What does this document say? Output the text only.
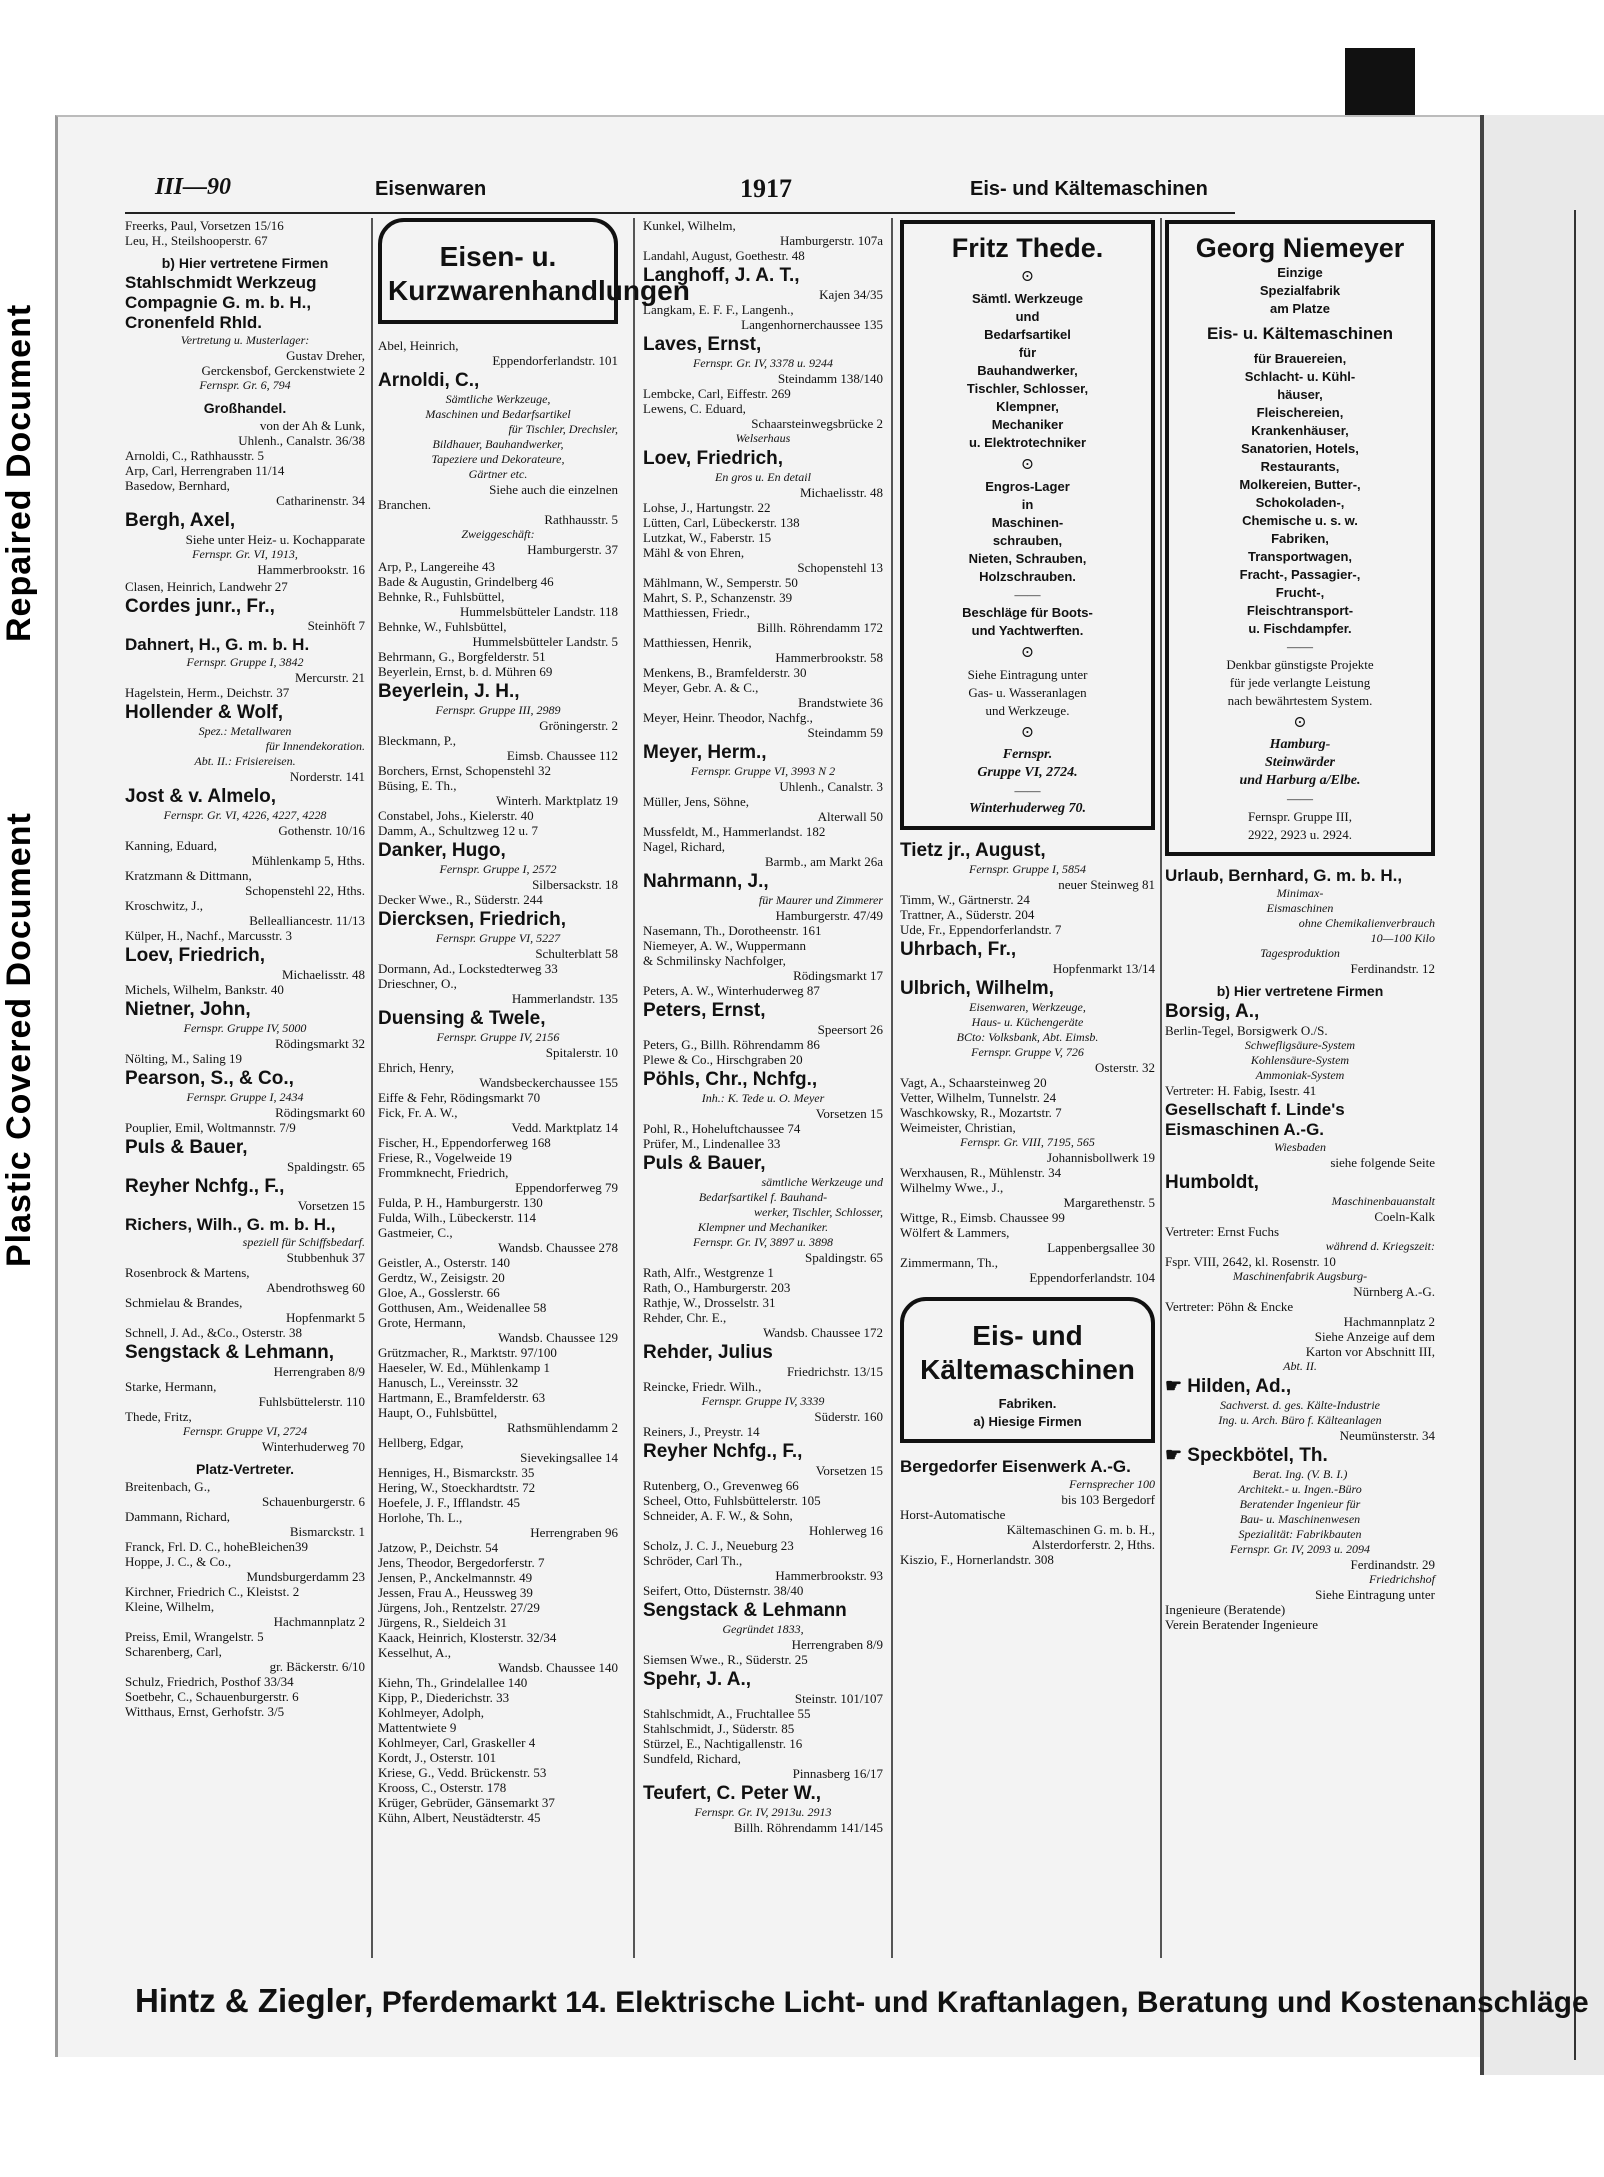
Repaired Document
Plastic Covered Document
III—90	Eisenwaren	1917	Eis- und Kältemaschinen
Freerks, Paul, Vorsetzen 15/16
Leu, H., Steilshooperstr. 67
b) Hier vertretene Firmen
Stahlschmidt Werkzeug Compagnie G. m. b. H., Cronenfeld Rhld.
Vertretung u. Musterlager:
Gustav Dreher,
Gerckensbof, Gerckenstwiete 2
Fernspr. Gr. 6, 794
Großhandel.
von der Ah & Lunk,
Uhlenh., Canalstr. 36/38
Arnoldi, C., Rathhausstr. 5
Arp, Carl, Herrengraben 11/14
Basedow, Bernhard,
Catharinenstr. 34
Bergh, Axel,
Siehe unter Heiz- u. Kochapparate
Fernspr. Gr. VI, 1913,
Hammerbrookstr. 16
Clasen, Heinrich, Landwehr 27
Cordes junr., Fr.,
Steinhöft 7
Dahnert, H., G. m. b. H.
Fernspr. Gruppe I, 3842
Mercurstr. 21
Hagelstein, Herm., Deichstr. 37
Hollender & Wolf,
Spez.: Metallwaren
für Innendekoration.
Abt. II.: Frisiereisen.
Norderstr. 141
Jost & v. Almelo,
Fernspr. Gr. VI, 4226, 4227, 4228
Gothenstr. 10/16
Kanning, Eduard,
Mühlenkamp 5, Hths.
Kratzmann & Dittmann,
Schopenstehl 22, Hths.
Kroschwitz, J.,
Bellealliancestr. 11/13
Külper, H., Nachf., Marcusstr. 3
Loev, Friedrich,
Michaelisstr. 48
Michels, Wilhelm, Bankstr. 40
Nietner, John,
Fernspr. Gruppe IV, 5000
Rödingsmarkt 32
Nölting, M., Saling 19
Pearson, S., & Co.,
Fernspr. Gruppe I, 2434
Rödingsmarkt 60
Pouplier, Emil, Woltmannstr. 7/9
Puls & Bauer,
Spaldingstr. 65
Reyher Nchfg., F.,
Vorsetzen 15
Richers, Wilh., G. m. b. H.,
speziell für Schiffsbedarf.
Stubbenhuk 37
Rosenbrock & Martens,
Abendrothsweg 60
Schmielau & Brandes,
Hopfenmarkt 5
Schnell, J. Ad., &Co., Osterstr. 38
Sengstack & Lehmann,
Herrengraben 8/9
Starke, Hermann,
Fuhlsbüttelerstr. 110
Thede, Fritz,
Fernspr. Gruppe VI, 2724
Winterhuderweg 70
Platz-Vertreter.
Breitenbach, G.,
Schauenburgerstr. 6
Dammann, Richard,
Bismarckstr. 1
Franck, Frl. D. C., hoheBleichen39
Hoppe, J. C., & Co.,
Mundsburgerdamm 23
Kirchner, Friedrich C., Kleistst. 2
Kleine, Wilhelm,
Hachmannplatz 2
Preiss, Emil, Wrangelstr. 5
Scharenberg, Carl,
gr. Bäckerstr. 6/10
Schulz, Friedrich, Posthof 33/34
Soetbehr, C., Schauenburgerstr. 6
Witthaus, Ernst, Gerhofstr. 3/5
Eisen- u. Kurzwarenhandlungen
Abel, Heinrich,
Eppendorferlandstr. 101
Arnoldi, C.,
Sämtliche Werkzeuge,
Maschinen und Bedarfsartikel
für Tischler, Drechsler,
Bildhauer, Bauhandwerker,
Tapeziere und Dekorateure,
Gärtner etc.
Siehe auch die einzelnen
Branchen.
Rathhausstr. 5
Zweiggeschäft:
Hamburgerstr. 37
Arp, P., Langereihe 43
Bade & Augustin, Grindelberg 46
Behnke, R., Fuhlsbüttel,
Hummelsbütteler Landstr. 118
Behnke, W., Fuhlsbüttel,
Hummelsbütteler Landstr. 5
Behrmann, G., Borgfelderstr. 51
Beyerlein, Ernst, b. d. Mühren 69
Beyerlein, J. H.,
Fernspr. Gruppe III, 2989
Gröningerstr. 2
Bleckmann, P.,
Eimsb. Chaussee 112
Borchers, Ernst, Schopenstehl 32
Büsing, E. Th.,
Winterh. Marktplatz 19
Constabel, Johs., Kielerstr. 40
Damm, A., Schultzweg 12 u. 7
Danker, Hugo,
Fernspr. Gruppe I, 2572
Silbersackstr. 18
Decker Wwe., R., Süderstr. 244
Diercksen, Friedrich,
Fernspr. Gruppe VI, 5227
Schulterblatt 58
Dormann, Ad., Lockstedterweg 33
Drieschner, O.,
Hammerlandstr. 135
Duensing & Twele,
Fernspr. Gruppe IV, 2156
Spitalerstr. 10
Ehrich, Henry,
Wandsbeckerchaussee 155
Eiffe & Fehr, Rödingsmarkt 70
Fick, Fr. A. W.,
Vedd. Marktplatz 14
Fischer, H., Eppendorferweg 168
Friese, R., Vogelweide 19
Frommknecht, Friedrich,
Eppendorferweg 79
Fulda, P. H., Hamburgerstr. 130
Fulda, Wilh., Lübeckerstr. 114
Gastmeier, C.,
Wandsb. Chaussee 278
Geistler, A., Osterstr. 140
Gerdtz, W., Zeisigstr. 20
Gloe, A., Gosslerstr. 66
Gotthusen, Am., Weidenallee 58
Grote, Hermann,
Wandsb. Chaussee 129
Grützmacher, R., Marktstr. 97/100
Haeseler, W. Ed., Mühlenkamp 1
Hanusch, L., Vereinsstr. 32
Hartmann, E., Bramfelderstr. 63
Haupt, O., Fuhlsbüttel,
Rathsmühlendamm 2
Hellberg, Edgar,
Sievekingsallee 14
Henniges, H., Bismarckstr. 35
Hering, W., Stoeckhardtstr. 72
Hoefele, J. F., Ifflandstr. 45
Horlohe, Th. L.,
Herrengraben 96
Jatzow, P., Deichstr. 54
Jens, Theodor, Bergedorferstr. 7
Jensen, P., Anckelmannstr. 49
Jessen, Frau A., Heussweg 39
Jürgens, Joh., Rentzelstr. 27/29
Jürgens, R., Sieldeich 31
Kaack, Heinrich, Klosterstr. 32/34
Kesselhut, A.,
Wandsb. Chaussee 140
Kiehn, Th., Grindelallee 140
Kipp, P., Diederichstr. 33
Kohlmeyer, Adolph,
Mattentwiete 9
Kohlmeyer, Carl, Graskeller 4
Kordt, J., Osterstr. 101
Kriese, G., Vedd. Brückenstr. 53
Krooss, C., Osterstr. 178
Krüger, Gebrüder, Gänsemarkt 37
Kühn, Albert, Neustädterstr. 45
Kunkel, Wilhelm,
Hamburgerstr. 107a
Landahl, August, Goethestr. 48
Langhoff, J. A. T.,
Kajen 34/35
Langkam, E. F. F., Langenh.,
Langenhornerchaussee 135
Laves, Ernst,
Fernspr. Gr. IV, 3378 u. 9244
Steindamm 138/140
Lembcke, Carl, Eiffestr. 269
Lewens, C. Eduard,
Schaarsteinwegsbrücke 2
Welserhaus
Loev, Friedrich,
En gros u. En detail
Michaelisstr. 48
Lohse, J., Hartungstr. 22
Lütten, Carl, Lübeckerstr. 138
Lutzkat, W., Faberstr. 15
Mähl & von Ehren,
Schopenstehl 13
Mählmann, W., Semperstr. 50
Mahrt, S. P., Schanzenstr. 39
Matthiessen, Friedr.,
Billh. Röhrendamm 172
Matthiessen, Henrik,
Hammerbrookstr. 58
Menkens, B., Bramfelderstr. 30
Meyer, Gebr. A. & C.,
Brandstwiete 36
Meyer, Heinr. Theodor, Nachfg.,
Steindamm 59
Meyer, Herm.,
Fernspr. Gruppe VI, 3993 N 2
Uhlenh., Canalstr. 3
Müller, Jens, Söhne,
Alterwall 50
Mussfeldt, M., Hammerlandst. 182
Nagel, Richard,
Barmb., am Markt 26a
Nahrmann, J.,
für Maurer und Zimmerer
Hamburgerstr. 47/49
Nasemann, Th., Dorotheenstr. 161
Niemeyer, A. W., Wuppermann
& Schmilinsky Nachfolger,
Rödingsmarkt 17
Peters, A. W., Winterhuderweg 87
Peters, Ernst,
Speersort 26
Peters, G., Billh. Röhrendamm 86
Plewe & Co., Hirschgraben 20
Pöhls, Chr., Nchfg.,
Inh.: K. Tede u. O. Meyer
Vorsetzen 15
Pohl, R., Hoheluftchaussee 74
Prüfer, M., Lindenallee 33
Puls & Bauer,
sämtliche Werkzeuge und
Bedarfsartikel f. Bauhand-
werker, Tischler, Schlosser,
Klempner und Mechaniker.
Fernspr. Gr. IV, 3897 u. 3898
Spaldingstr. 65
Rath, Alfr., Westgrenze 1
Rath, O., Hamburgerstr. 203
Rathje, W., Drosselstr. 31
Rehder, Chr. E.,
Wandsb. Chaussee 172
Rehder, Julius
Friedrichstr. 13/15
Reincke, Friedr. Wilh.,
Fernspr. Gruppe IV, 3339
Süderstr. 160
Reiners, J., Preystr. 14
Reyher Nchfg., F.,
Vorsetzen 15
Rutenberg, O., Grevenweg 66
Scheel, Otto, Fuhlsbüttelerstr. 105
Schneider, A. F. W., & Sohn,
Hohlerweg 16
Scholz, J. C. J., Neueburg 23
Schröder, Carl Th.,
Hammerbrookstr. 93
Seifert, Otto, Düsternstr. 38/40
Sengstack & Lehmann
Gegründet 1833,
Herrengraben 8/9
Siemsen Wwe., R., Süderstr. 25
Spehr, J. A.,
Steinstr. 101/107
Stahlschmidt, A., Fruchtallee 55
Stahlschmidt, J., Süderstr. 85
Stürzel, E., Nachtigallenstr. 16
Sundfeld, Richard,
Pinnasberg 16/17
Teufert, C. Peter W.,
Fernspr. Gr. IV, 2913u. 2913
Billh. Röhrendamm 141/145
Fritz Thede.
⊙
Sämtl. Werkzeuge
und
Bedarfsartikel
für
Bauhandwerker,
Tischler, Schlosser,
Klempner,
Mechaniker
u. Elektrotechniker
⊙
Engros-Lager
in
Maschinen-
schrauben,
Nieten, Schrauben,
Holzschrauben.
——
Beschläge für Boots-
und Yachtwerften.
⊙
Siehe Eintragung unter
Gas- u. Wasseranlagen
und Werkzeuge.
⊙
Fernspr.
Gruppe VI, 2724.
——
Winterhuderweg 70.
Tietz jr., August,
Fernspr. Gruppe I, 5854
neuer Steinweg 81
Timm, W., Gärtnerstr. 24
Trattner, A., Süderstr. 204
Ude, Fr., Eppendorferlandstr. 7
Uhrbach, Fr.,
Hopfenmarkt 13/14
Ulbrich, Wilhelm,
Eisenwaren, Werkzeuge,
Haus- u. Küchengeräte
BCto: Volksbank, Abt. Eimsb.
Fernspr. Gruppe V, 726
Osterstr. 32
Vagt, A., Schaarsteinweg 20
Vetter, Wilhelm, Tunnelstr. 24
Waschkowsky, R., Mozartstr. 7
Weimeister, Christian,
Fernspr. Gr. VIII, 7195, 565
Johannisbollwerk 19
Werxhausen, R., Mühlenstr. 34
Wilhelmy Wwe., J.,
Margarethenstr. 5
Wittge, R., Eimsb. Chaussee 99
Wölfert & Lammers,
Lappenbergsallee 30
Zimmermann, Th.,
Eppendorferlandstr. 104
Eis- und Kältemaschinen
Fabriken.
a) Hiesige Firmen
Bergedorfer Eisenwerk A.-G.
Fernsprecher 100
bis 103 Bergedorf
Horst-Automatische
Kältemaschinen G. m. b. H.,
Alsterdorferstr. 2, Hths.
Kiszio, F., Hornerlandstr. 308
Georg Niemeyer
Einzige
Spezialfabrik
am Platze
Eis- u. Kältemaschinen
für Brauereien,
Schlacht- u. Kühl-
häuser,
Fleischereien,
Krankenhäuser,
Sanatorien, Hotels,
Restaurants,
Molkereien, Butter-,
Schokoladen-,
Chemische u. s. w.
Fabriken,
Transportwagen,
Fracht-, Passagier-,
Frucht-,
Fleischtransport-
u. Fischdampfer.
——
Denkbar günstigste Projekte
für jede verlangte Leistung
nach bewährtestem System.
⊙
Hamburg-
Steinwärder
und Harburg a/Elbe.
——
Fernspr. Gruppe III,
2922, 2923 u. 2924.
Urlaub, Bernhard, G. m. b. H.,
Minimax-
Eismaschinen
ohne Chemikalienverbrauch
10—100 Kilo
Tagesproduktion
Ferdinandstr. 12
b) Hier vertretene Firmen
Borsig, A.,
Berlin-Tegel, Borsigwerk O./S.
Schwefligsäure-System
Kohlensäure-System
Ammoniak-System
Vertreter: H. Fabig, Isestr. 41
Gesellschaft f. Linde's Eismaschinen A.-G.
Wiesbaden
siehe folgende Seite
Humboldt,
Maschinenbauanstalt
Coeln-Kalk
Vertreter: Ernst Fuchs
während d. Kriegszeit:
Fspr. VIII, 2642, kl. Rosenstr. 10
Maschinenfabrik Augsburg-
Nürnberg A.-G.
Vertreter: Pöhn & Encke
Hachmannplatz 2
Siehe Anzeige auf dem
Karton vor Abschnitt III,
Abt. II.
☛ Hilden, Ad.,
Sachverst. d. ges. Kälte-Industrie
Ing. u. Arch. Büro f. Kälteanlagen
Neumünsterstr. 34
☛ Speckbötel, Th.
Berat. Ing. (V. B. I.)
Architekt.- u. Ingen.-Büro
Beratender Ingenieur für
Bau- u. Maschinenwesen
Spezialität: Fabrikbauten
Fernspr. Gr. IV, 2093 u. 2094
Ferdinandstr. 29
Friedrichshof
Siehe Eintragung unter
Ingenieure (Beratende)
Verein Beratender Ingenieure
Hintz & Ziegler, Pferdemarkt 14. Elektrische Licht- und Kraftanlagen, Beratung und Kostenanschläge
